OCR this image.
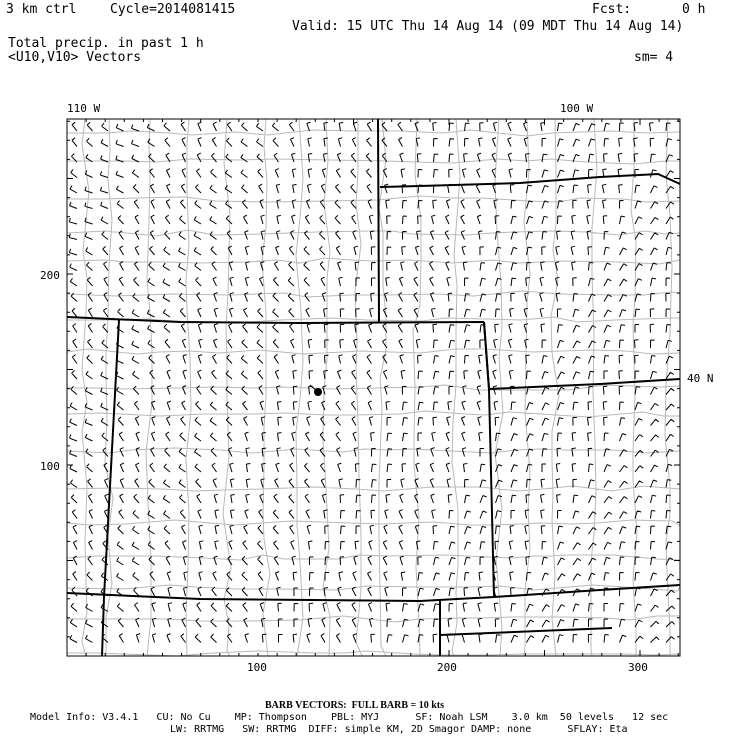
3 km ctrl	Cycle=2014081415	Fcst:	0 h
Valid: 15 UTC Thu 14 Aug 14 (09 MDT Thu 14 Aug 14)
Total precip. in past 1 h
<U10,V10> Vectors	sm= 4
110 W	100 W
40 N
200
100
100	200	300
BARB VECTORS:  FULL BARB = 10 kts
Model Info: V3.4.1   CU: No Cu    MP: Thompson    PBL: MYJ      SF: Noah LSM    3.0 km  50 levels   12 sec
LW: RRTMG   SW: RRTMG  DIFF: simple KM, 2D Smagor DAMP: none      SFLAY: Eta
